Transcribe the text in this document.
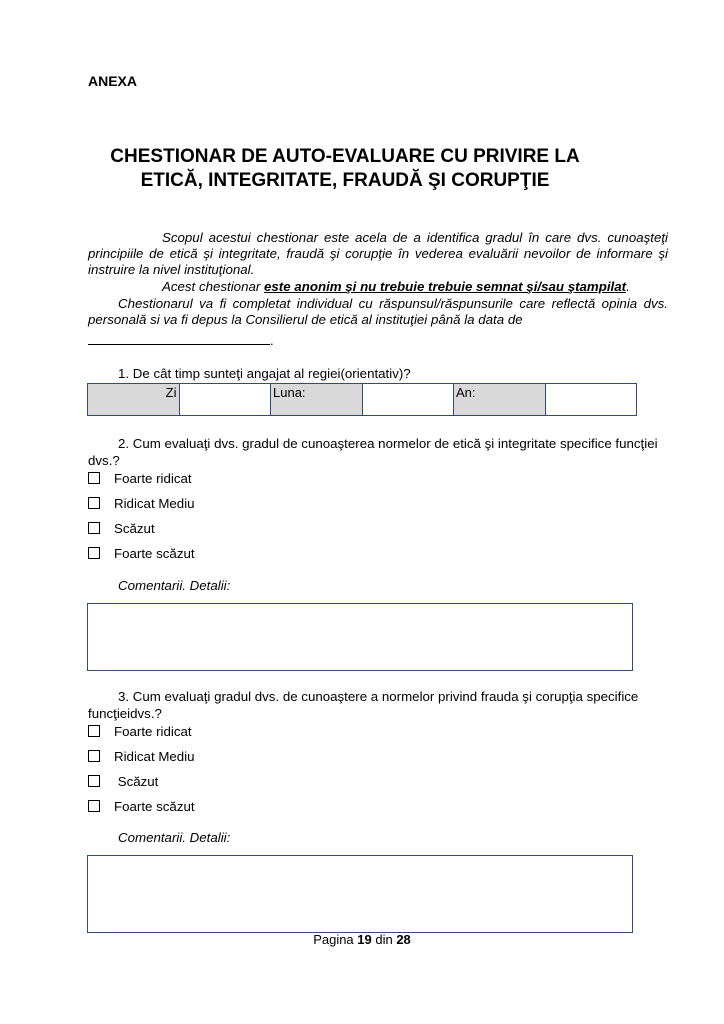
ANEXA
CHESTIONAR DE AUTO-EVALUARE CU PRIVIRE LA
ETICĂ, INTEGRITATE, FRAUDĂ ŞI CORUPŢIE
Scopul acestui chestionar este acela de a identifica gradul în care dvs. cunoaşteţi principiile de etică şi integritate, fraudă şi corupţie în vederea evaluării nevoilor de informare şi instruire la nivel instituţional.
Acest chestionar este anonim şi nu trebuie trebuie semnat şi/sau ştampilat.
Chestionarul va fi completat individual cu răspunsul/răspunsurile care reflectă opinia dvs. personală si va fi depus la Consilierul de etică al instituţiei până la data de
.
1. De cât timp sunteţi angajat al regiei(orientativ)?
Zi		Luna:		An:	
2. Cum evaluaţi dvs. gradul de cunoaşterea normelor de etică şi integritate specifice funcţiei
dvs.?
Foarte ridicat
Ridicat Mediu
Scăzut
Foarte scăzut
Comentarii. Detalii:
3. Cum evaluaţi gradul dvs. de cunoaştere a normelor privind frauda şi corupţia specifice
funcţieidvs.?
Foarte ridicat
Ridicat Mediu
Scăzut
Foarte scăzut
Comentarii. Detalii:
Pagina 19 din 28
